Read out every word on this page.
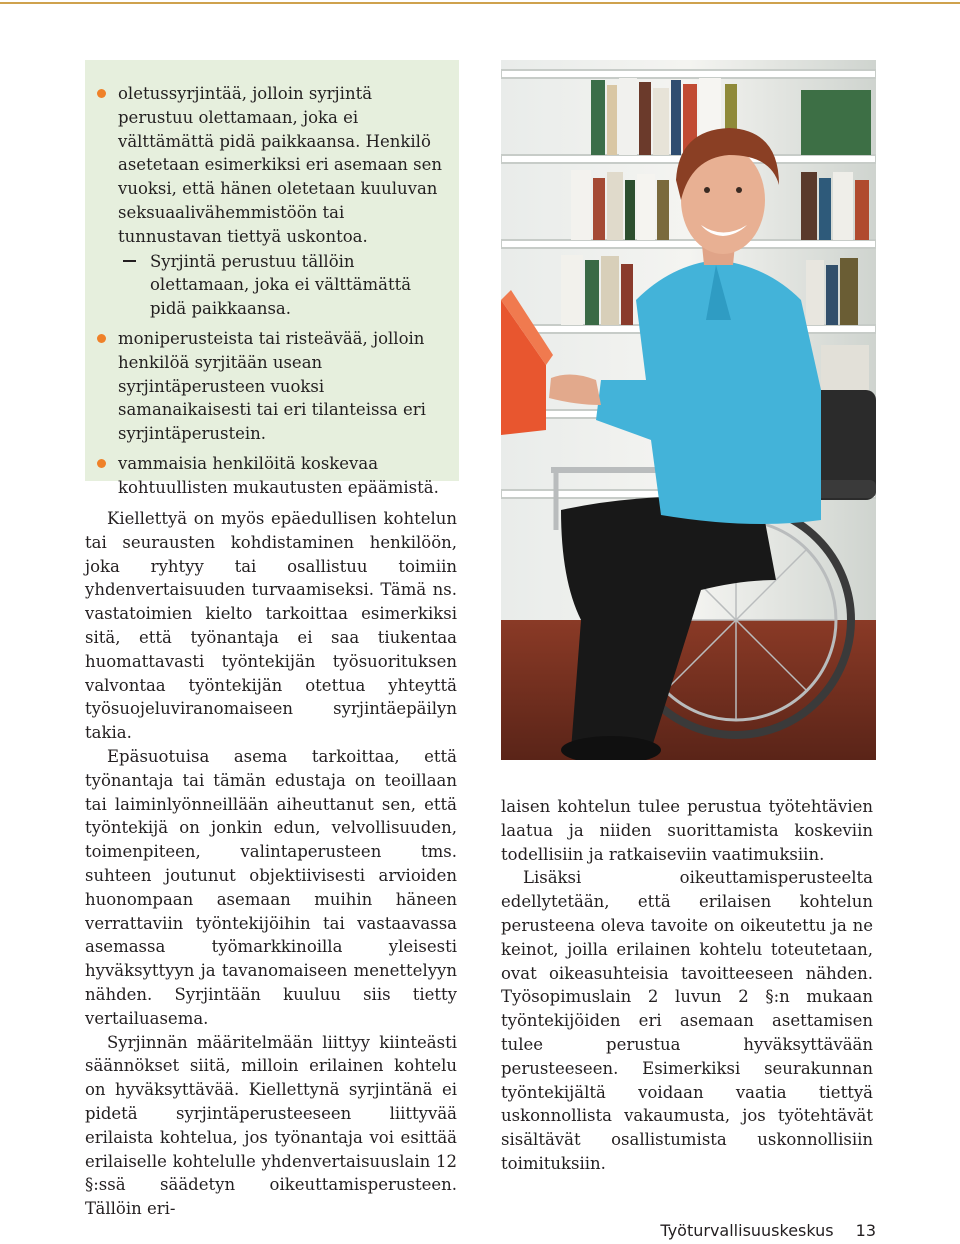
oletussyrjintää, jolloin syrjintä perustuu olettamaan, joka ei välttämättä pidä paikkaansa. Henkilö asetetaan esimerkiksi eri asemaan sen vuoksi, että hänen oletetaan kuuluvan seksuaalivähemmistöön tai tunnustavan tiettyä uskontoa.
Syrjintä perustuu tällöin olettamaan, joka ei välttämättä pidä paikkaansa.
moniperusteista tai risteävää, jolloin henkilöä syrjitään usean syrjintäperusteen vuoksi samanaikaisesti tai eri tilanteissa eri syrjintäperustein.
vammaisia henkilöitä koskevaa kohtuullisten mukautusten epäämistä.

Kiellettyä on myös epäedullisen kohtelun tai seurausten kohdistaminen henkilöön, joka ryhtyy tai osallistuu toimiin yhdenvertaisuuden turvaamiseksi. Tämä ns. vastatoimien kielto tarkoittaa esimerkiksi sitä, että työnantaja ei saa tiukentaa huomattavasti työntekijän työsuorituksen valvontaa työntekijän otettua yhteyttä työsuojeluviranomaiseen syrjintäepäilyn takia.

Epäsuotuisa asema tarkoittaa, että työnantaja tai tämän edustaja on teoillaan tai laiminlyönneillään aiheuttanut sen, että työntekijä on jonkin edun, velvollisuuden, toimenpiteen, valintaperusteen tms. suhteen joutunut objektiivisesti arvioiden huonompaan asemaan muihin häneen verrattaviin työntekijöihin tai vastaavassa asemassa työmarkkinoilla yleisesti hyväksyttyyn ja tavanomaiseen menettelyyn nähden. Syrjintään kuuluu siis tietty vertailuasema.

Syrjinnän määritelmään liittyy kiinteästi säännökset siitä, milloin erilainen kohtelu on hyväksyttävää. Kiellettynä syrjintänä ei pidetä syrjintäperusteeseen liittyvää erilaista kohtelua, jos työnantaja voi esittää erilaiselle kohtelulle yhdenvertaisuuslain 12 §:ssä säädetyn oikeuttamisperusteen. Tällöin eri-

laisen kohtelun tulee perustua työtehtävien laatua ja niiden suorittamista koskeviin todellisiin ja ratkaiseviin vaatimuksiin.

Lisäksi oikeuttamisperusteelta edellytetään, että erilaisen kohtelun perusteena oleva tavoite on oikeutettu ja ne keinot, joilla erilainen kohtelu toteutetaan, ovat oikeasuhteisia tavoitteeseen nähden. Työsopimuslain 2 luvun 2 §:n mukaan työntekijöiden eri asemaan asettamisen tulee perustua hyväksyttävään perusteeseen. Esimerkiksi seurakunnan työntekijältä voidaan vaatia tiettyä uskonnollista vakaumusta, jos työtehtävät sisältävät osallistumista uskonnollisiin toimituksiin.

Työturvallisuuskeskus 13
